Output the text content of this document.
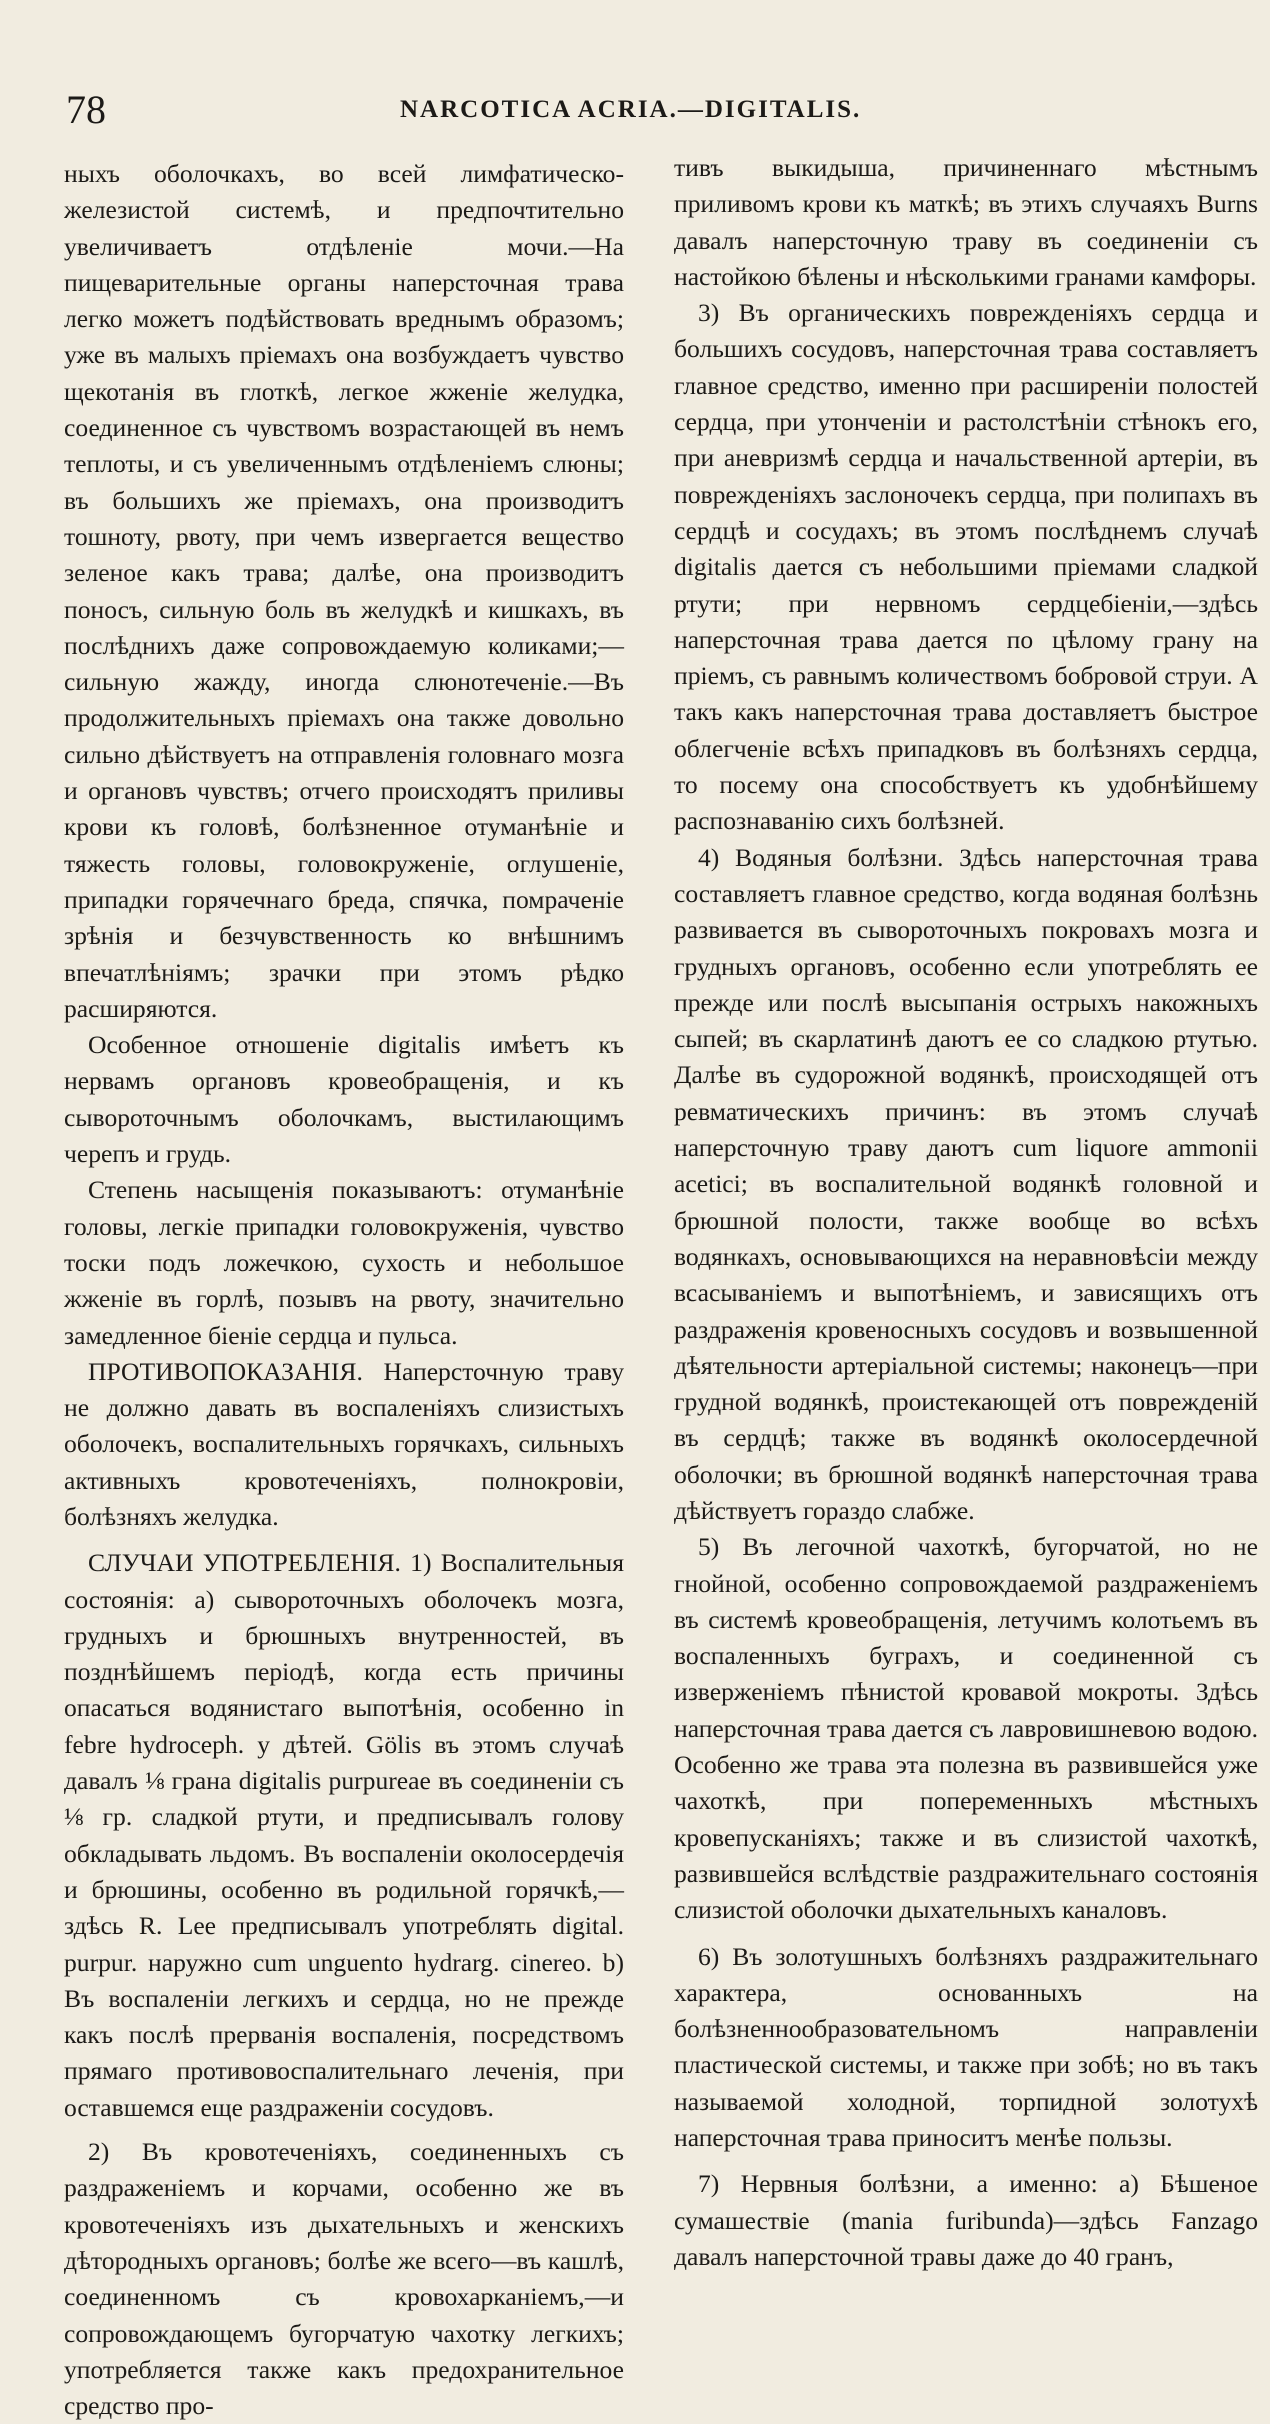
78	NARCOTICA ACRIA.—DIGITALIS.

ныхъ оболочкахъ, во всей лимфатическо-железистой системѣ, и предпочтительно увеличиваетъ отдѣленіе мочи.—На пищеварительные органы наперсточная трава легко можетъ подѣйствовать вреднымъ образомъ; уже въ малыхъ пріемахъ она возбуждаетъ чувство щекотанія въ глоткѣ, легкое жженіе желудка, соединенное съ чувствомъ возрастающей въ немъ теплоты, и съ увеличеннымъ отдѣленіемъ слюны; въ большихъ же пріемахъ, она производитъ тошноту, рвоту, при чемъ извергается вещество зеленое какъ трава; далѣе, она производитъ поносъ, сильную боль въ желудкѣ и кишкахъ, въ послѣднихъ даже сопровождаемую коликами;—сильную жажду, иногда слюнотеченіе.—Въ продолжительныхъ пріемахъ она также довольно сильно дѣйствуетъ на отправленія головнаго мозга и органовъ чувствъ; отчего происходятъ приливы крови къ головѣ, болѣзненное отуманѣніе и тяжесть головы, головокруженіе, оглушеніе, припадки горячечнаго бреда, спячка, помраченіе зрѣнія и безчувственность ко внѣшнимъ впечатлѣніямъ; зрачки при этомъ рѣдко расширяются.

Особенное отношеніе digitalis имѣетъ къ нервамъ органовъ кровеобращенія, и къ сывороточнымъ оболочкамъ, выстилающимъ черепъ и грудь.

Степень насыщенія показываютъ: отуманѣніе головы, легкіе припадки головокруженія, чувство тоски подъ ложечкою, сухость и небольшое жженіе въ горлѣ, позывъ на рвоту, значительно замедленное біеніе сердца и пульса.

ПРОТИВОПОКАЗАНІЯ. Наперсточную траву не должно давать въ воспаленіяхъ слизистыхъ оболочекъ, воспалительныхъ горячкахъ, сильныхъ активныхъ кровотеченіяхъ, полнокровіи, болѣзняхъ желудка.

СЛУЧАИ УПОТРЕБЛЕНІЯ. 1) Воспалительныя состоянія: а) сывороточныхъ оболочекъ мозга, грудныхъ и брюшныхъ внутренностей, въ позднѣйшемъ періодѣ, когда есть причины опасаться водянистаго выпотѣнія, особенно in febre hydroceph. у дѣтей. Gölis въ этомъ случаѣ давалъ ⅛ грана digitalis purpureae въ соединеніи съ ⅛ гр. сладкой ртути, и предписывалъ голову обкладывать льдомъ. Въ воспаленіи околосердечія и брюшины, особенно въ родильной горячкѣ,—здѣсь R. Lee предписывалъ употреблять digital. purpur. наружно cum unguento hydrarg. cinereo. b) Въ воспаленіи легкихъ и сердца, но не прежде какъ послѣ прерванія воспаленія, посредствомъ прямаго противовоспалительнаго леченія, при оставшемся еще раздраженіи сосудовъ.

2) Въ кровотеченіяхъ, соединенныхъ съ раздраженіемъ и корчами, особенно же въ кровотеченіяхъ изъ дыхательныхъ и женскихъ дѣтородныхъ органовъ; болѣе же всего—въ кашлѣ, соединенномъ съ кровохарканіемъ,—и сопровождающемъ бугорчатую чахотку легкихъ; употребляется также какъ предохранительное средство про-

тивъ выкидыша, причиненнаго мѣстнымъ приливомъ крови къ маткѣ; въ этихъ случаяхъ Burns давалъ наперсточную траву въ соединеніи съ настойкою бѣлены и нѣсколькими гранами камфоры.

3) Въ органическихъ поврежденіяхъ сердца и большихъ сосудовъ, наперсточная трава составляетъ главное средство, именно при расширеніи полостей сердца, при утонченіи и растолстѣніи стѣнокъ его, при аневризмѣ сердца и начальственной артеріи, въ поврежденіяхъ заслоночекъ сердца, при полипахъ въ сердцѣ и сосудахъ; въ этомъ послѣднемъ случаѣ digitalis дается съ небольшими пріемами сладкой ртути; при нервномъ сердцебіеніи,—здѣсь наперсточная трава дается по цѣлому грану на пріемъ, съ равнымъ количествомъ бобровой струи. А такъ какъ наперсточная трава доставляетъ быстрое облегченіе всѣхъ припадковъ въ болѣзняхъ сердца, то посему она способствуетъ къ удобнѣйшему распознаванію сихъ болѣзней.

4) Водяныя болѣзни. Здѣсь наперсточная трава составляетъ главное средство, когда водяная болѣзнь развивается въ сывороточныхъ покровахъ мозга и грудныхъ органовъ, особенно если употреблять ее прежде или послѣ высыпанія острыхъ накожныхъ сыпей; въ скарлатинѣ даютъ ее со сладкою ртутью. Далѣе въ судорожной водянкѣ, происходящей отъ ревматическихъ причинъ: въ этомъ случаѣ наперсточную траву даютъ cum liquore ammonii acetici; въ воспалительной водянкѣ головной и брюшной полости, также вообще во всѣхъ водянкахъ, основывающихся на неравновѣсіи между всасываніемъ и выпотѣніемъ, и зависящихъ отъ раздраженія кровеносныхъ сосудовъ и возвышенной дѣятельности артеріальной системы; наконецъ—при грудной водянкѣ, проистекающей отъ поврежденій въ сердцѣ; также въ водянкѣ околосердечной оболочки; въ брюшной водянкѣ наперсточная трава дѣйствуетъ гораздо слабже.

5) Въ легочной чахоткѣ, бугорчатой, но не гнойной, особенно сопровождаемой раздраженіемъ въ системѣ кровеобращенія, летучимъ колотьемъ въ воспаленныхъ буграхъ, и соединенной съ изверженіемъ пѣнистой кровавой мокроты. Здѣсь наперсточная трава дается съ лавровишневою водою. Особенно же трава эта полезна въ развившейся уже чахоткѣ, при попеременныхъ мѣстныхъ кровепусканіяхъ; также и въ слизистой чахоткѣ, развившейся вслѣдствіе раздражительнаго состоянія слизистой оболочки дыхательныхъ каналовъ.

6) Въ золотушныхъ болѣзняхъ раздражительнаго характера, основанныхъ на болѣзненнообразовательномъ направленіи пластической системы, и также при зобѣ; но въ такъ называемой холодной, торпидной золотухѣ наперсточная трава приноситъ менѣе пользы.

7) Нервныя болѣзни, а именно: а) Бѣшеное сумашествіе (mania furibunda)—здѣсь Fanzago давалъ наперсточной травы даже до 40 гранъ,
